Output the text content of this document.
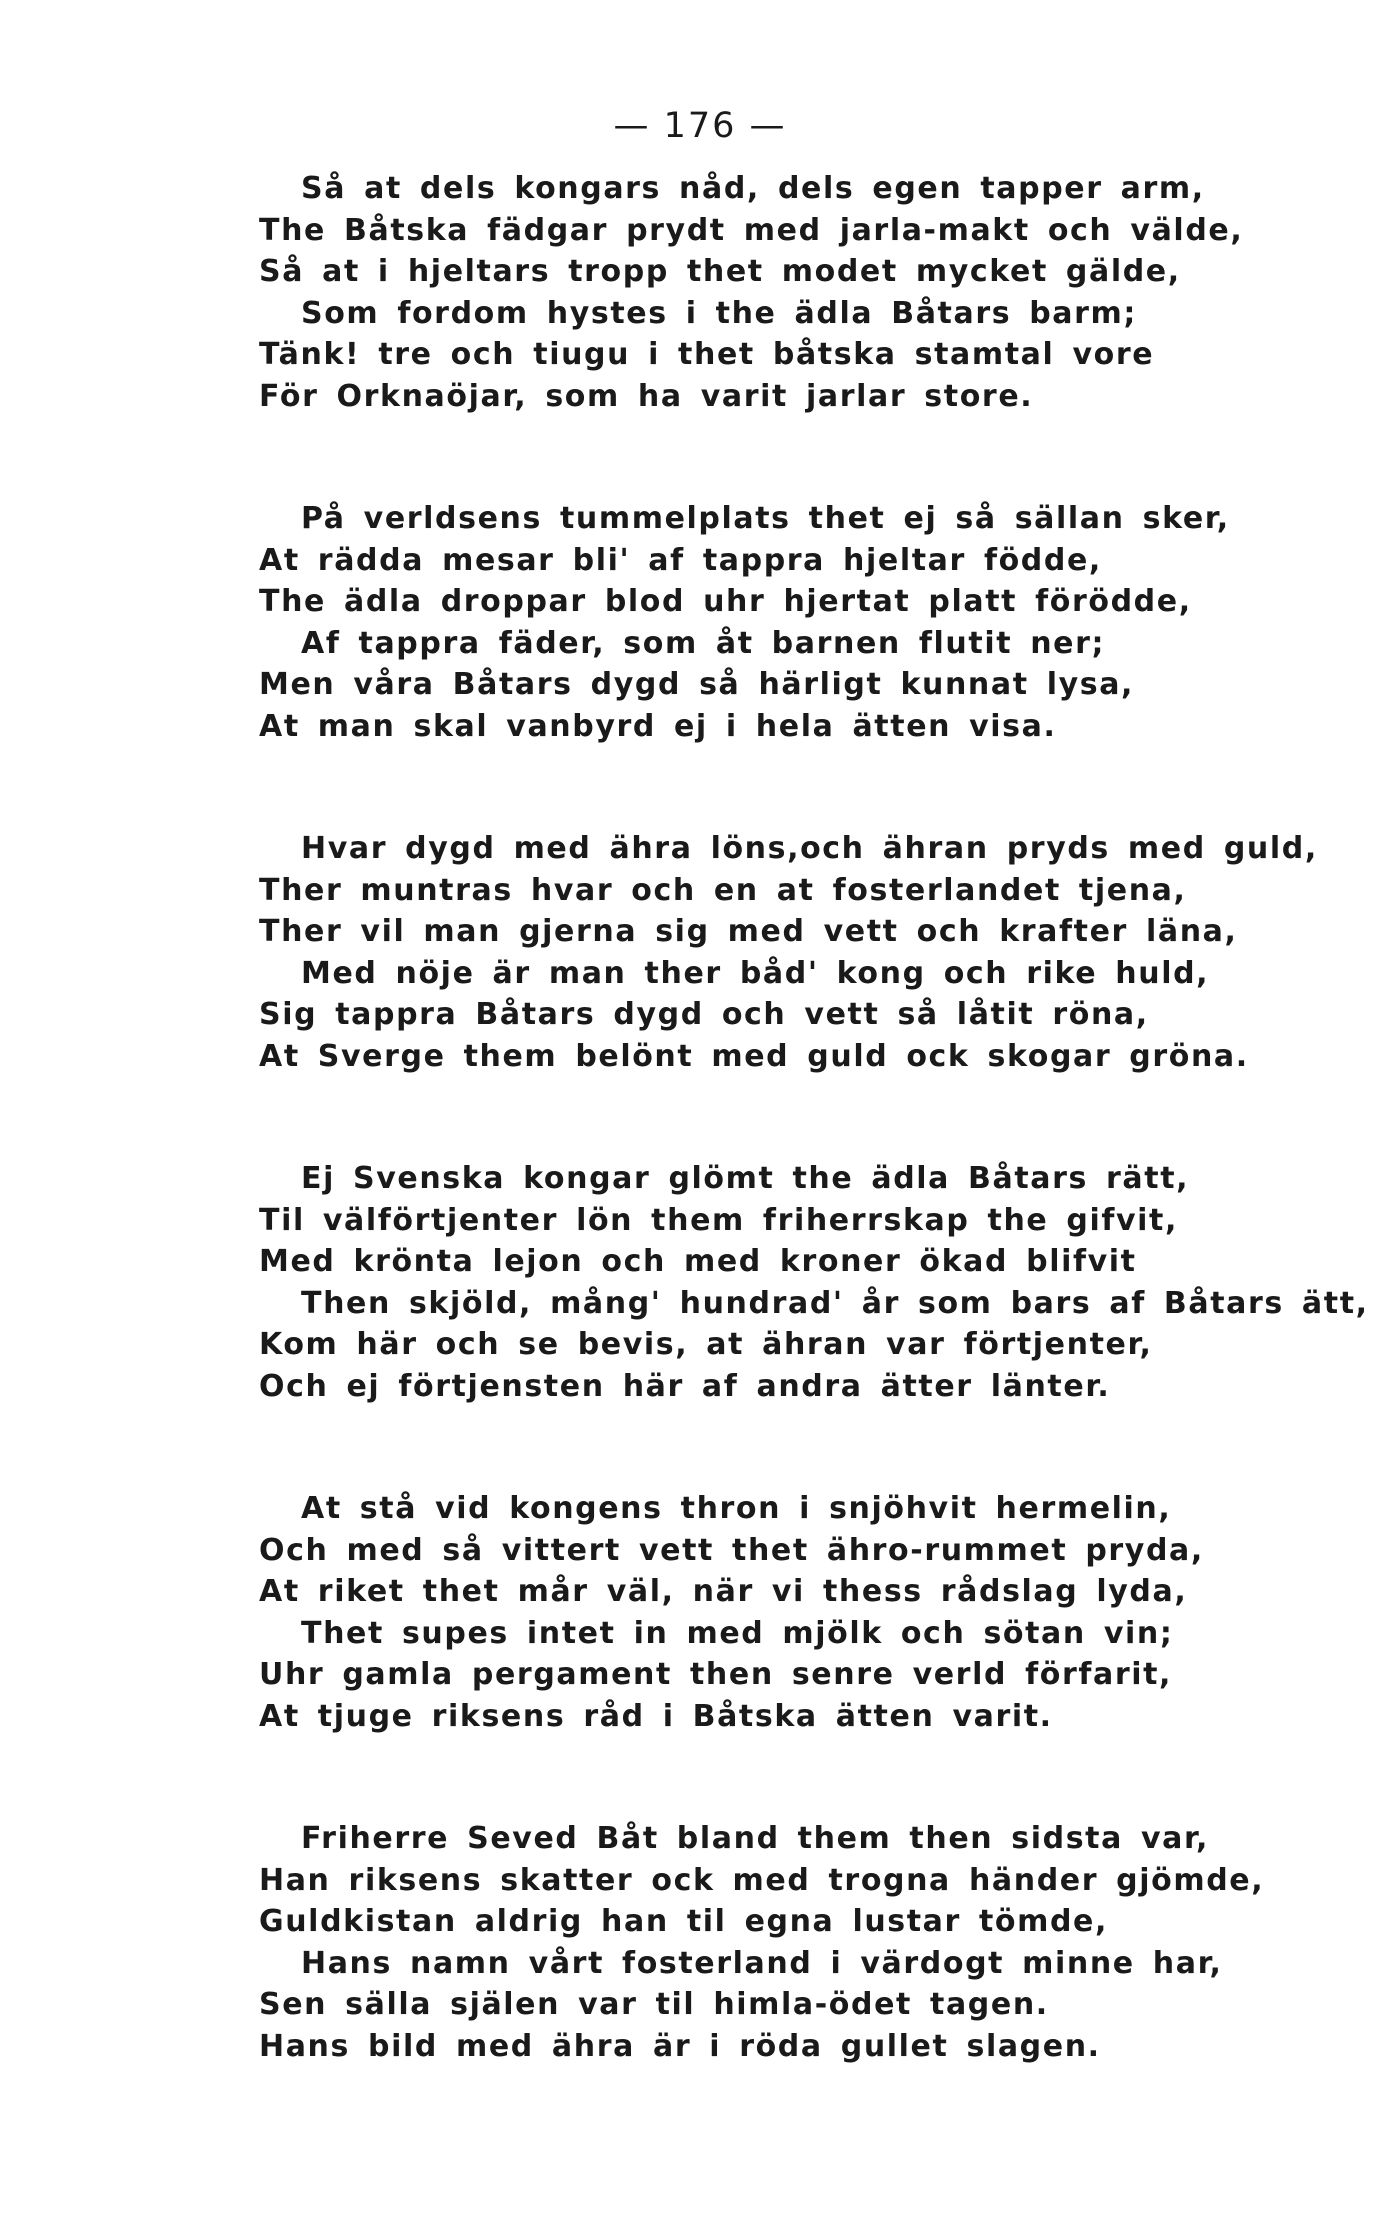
— 176 —
Så at dels kongars nåd, dels egen tapper arm,
The Båtska fädgar prydt med jarla-makt och välde,
Så at i hjeltars tropp thet modet mycket gälde,
Som fordom hystes i the ädla Båtars barm;
Tänk! tre och tiugu i thet båtska stamtal vore
För Orknaöjar, som ha varit jarlar store.
På verldsens tummelplats thet ej så sällan sker,
At rädda mesar bli' af tappra hjeltar födde,
The ädla droppar blod uhr hjertat platt förödde,
Af tappra fäder, som åt barnen flutit ner;
Men våra Båtars dygd så härligt kunnat lysa,
At man skal vanbyrd ej i hela ätten visa.
Hvar dygd med ähra löns,och ähran pryds med guld,
Ther muntras hvar och en at fosterlandet tjena,
Ther vil man gjerna sig med vett och krafter läna,
Med nöje är man ther båd' kong och rike huld,
Sig tappra Båtars dygd och vett så låtit röna,
At Sverge them belönt med guld ock skogar gröna.
Ej Svenska kongar glömt the ädla Båtars rätt,
Til välförtjenter lön them friherrskap the gifvit,
Med krönta lejon och med kroner ökad blifvit
Then skjöld, mång' hundrad' år som bars af Båtars ätt,
Kom här och se bevis, at ähran var förtjenter,
Och ej förtjensten här af andra ätter länter.
At stå vid kongens thron i snjöhvit hermelin,
Och med så vittert vett thet ähro-rummet pryda,
At riket thet mår väl, när vi thess rådslag lyda,
Thet supes intet in med mjölk och sötan vin;
Uhr gamla pergament then senre verld förfarit,
At tjuge riksens råd i Båtska ätten varit.
Friherre Seved Båt bland them then sidsta var,
Han riksens skatter ock med trogna händer gjömde,
Guldkistan aldrig han til egna lustar tömde,
Hans namn vårt fosterland i värdogt minne har,
Sen sälla själen var til himla-ödet tagen.
Hans bild med ähra är i röda gullet slagen.
